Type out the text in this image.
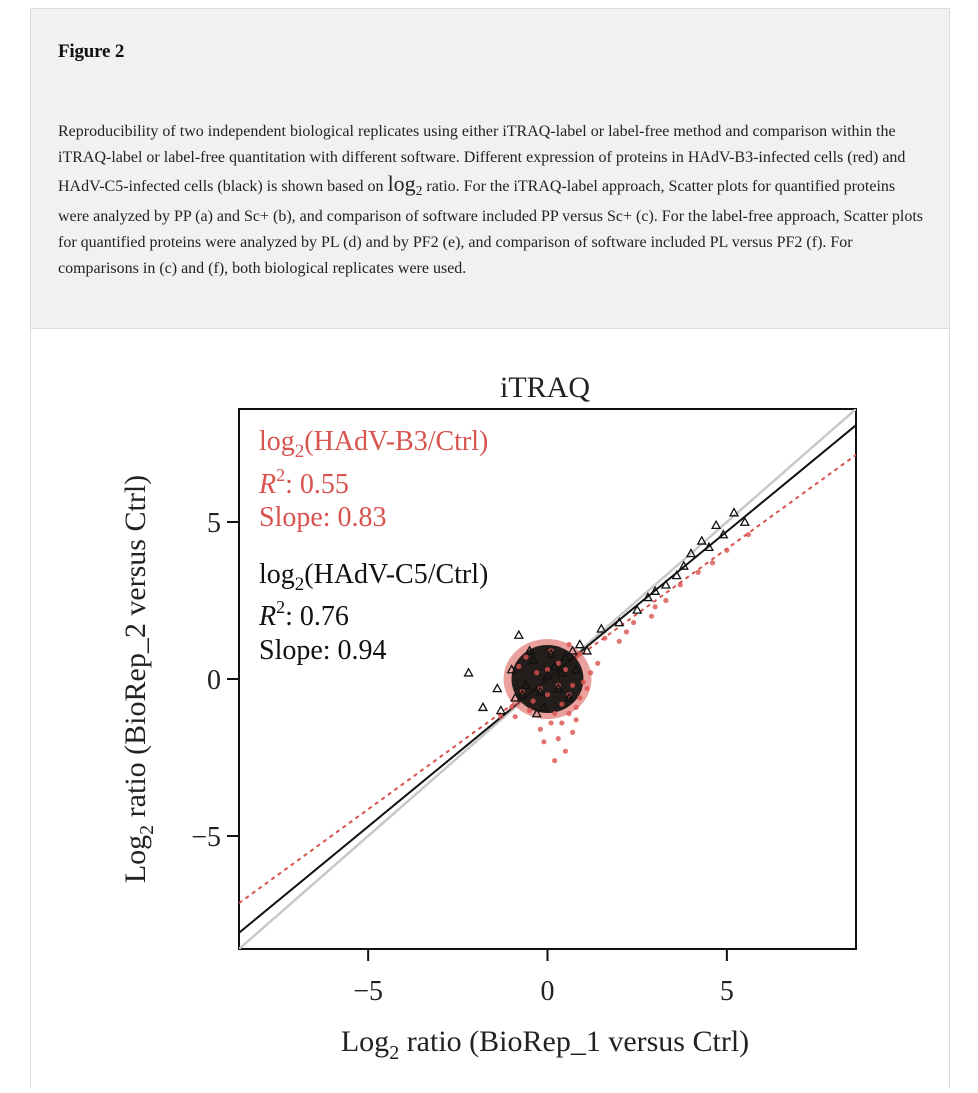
Figure 2

Reproducibility of two independent biological replicates using either iTRAQ-label or label-free method and comparison within the iTRAQ-label or label-free quantitation with different software. Different expression of proteins in HAdV-B3-infected cells (red) and HAdV-C5-infected cells (black) is shown based on $\log_2$ ratio. For the iTRAQ-label approach, Scatter plots for quantified proteins were analyzed by PP (a) and Sc+ (b), and comparison of software included PP versus Sc+ (c). For the label-free approach, Scatter plots for quantified proteins were analyzed by PL (d) and by PF2 (e), and comparison of software included PL versus PF2 (f). For comparisons in (c) and (f), both biological replicates were used.

iTRAQ
$\log_2(HAdV-B3/Ctrl)$
$R^2$: 0.55
Slope: 0.83
$\log_2(HAdV-C5/Ctrl)$
$R^2$: 0.76
Slope: 0.94
−5	0	5
5
0
−5
Log$_2$ ratio (BioRep_1 versus Ctrl)
Log$_2$ ratio (BioRep_2 versus Ctrl)
